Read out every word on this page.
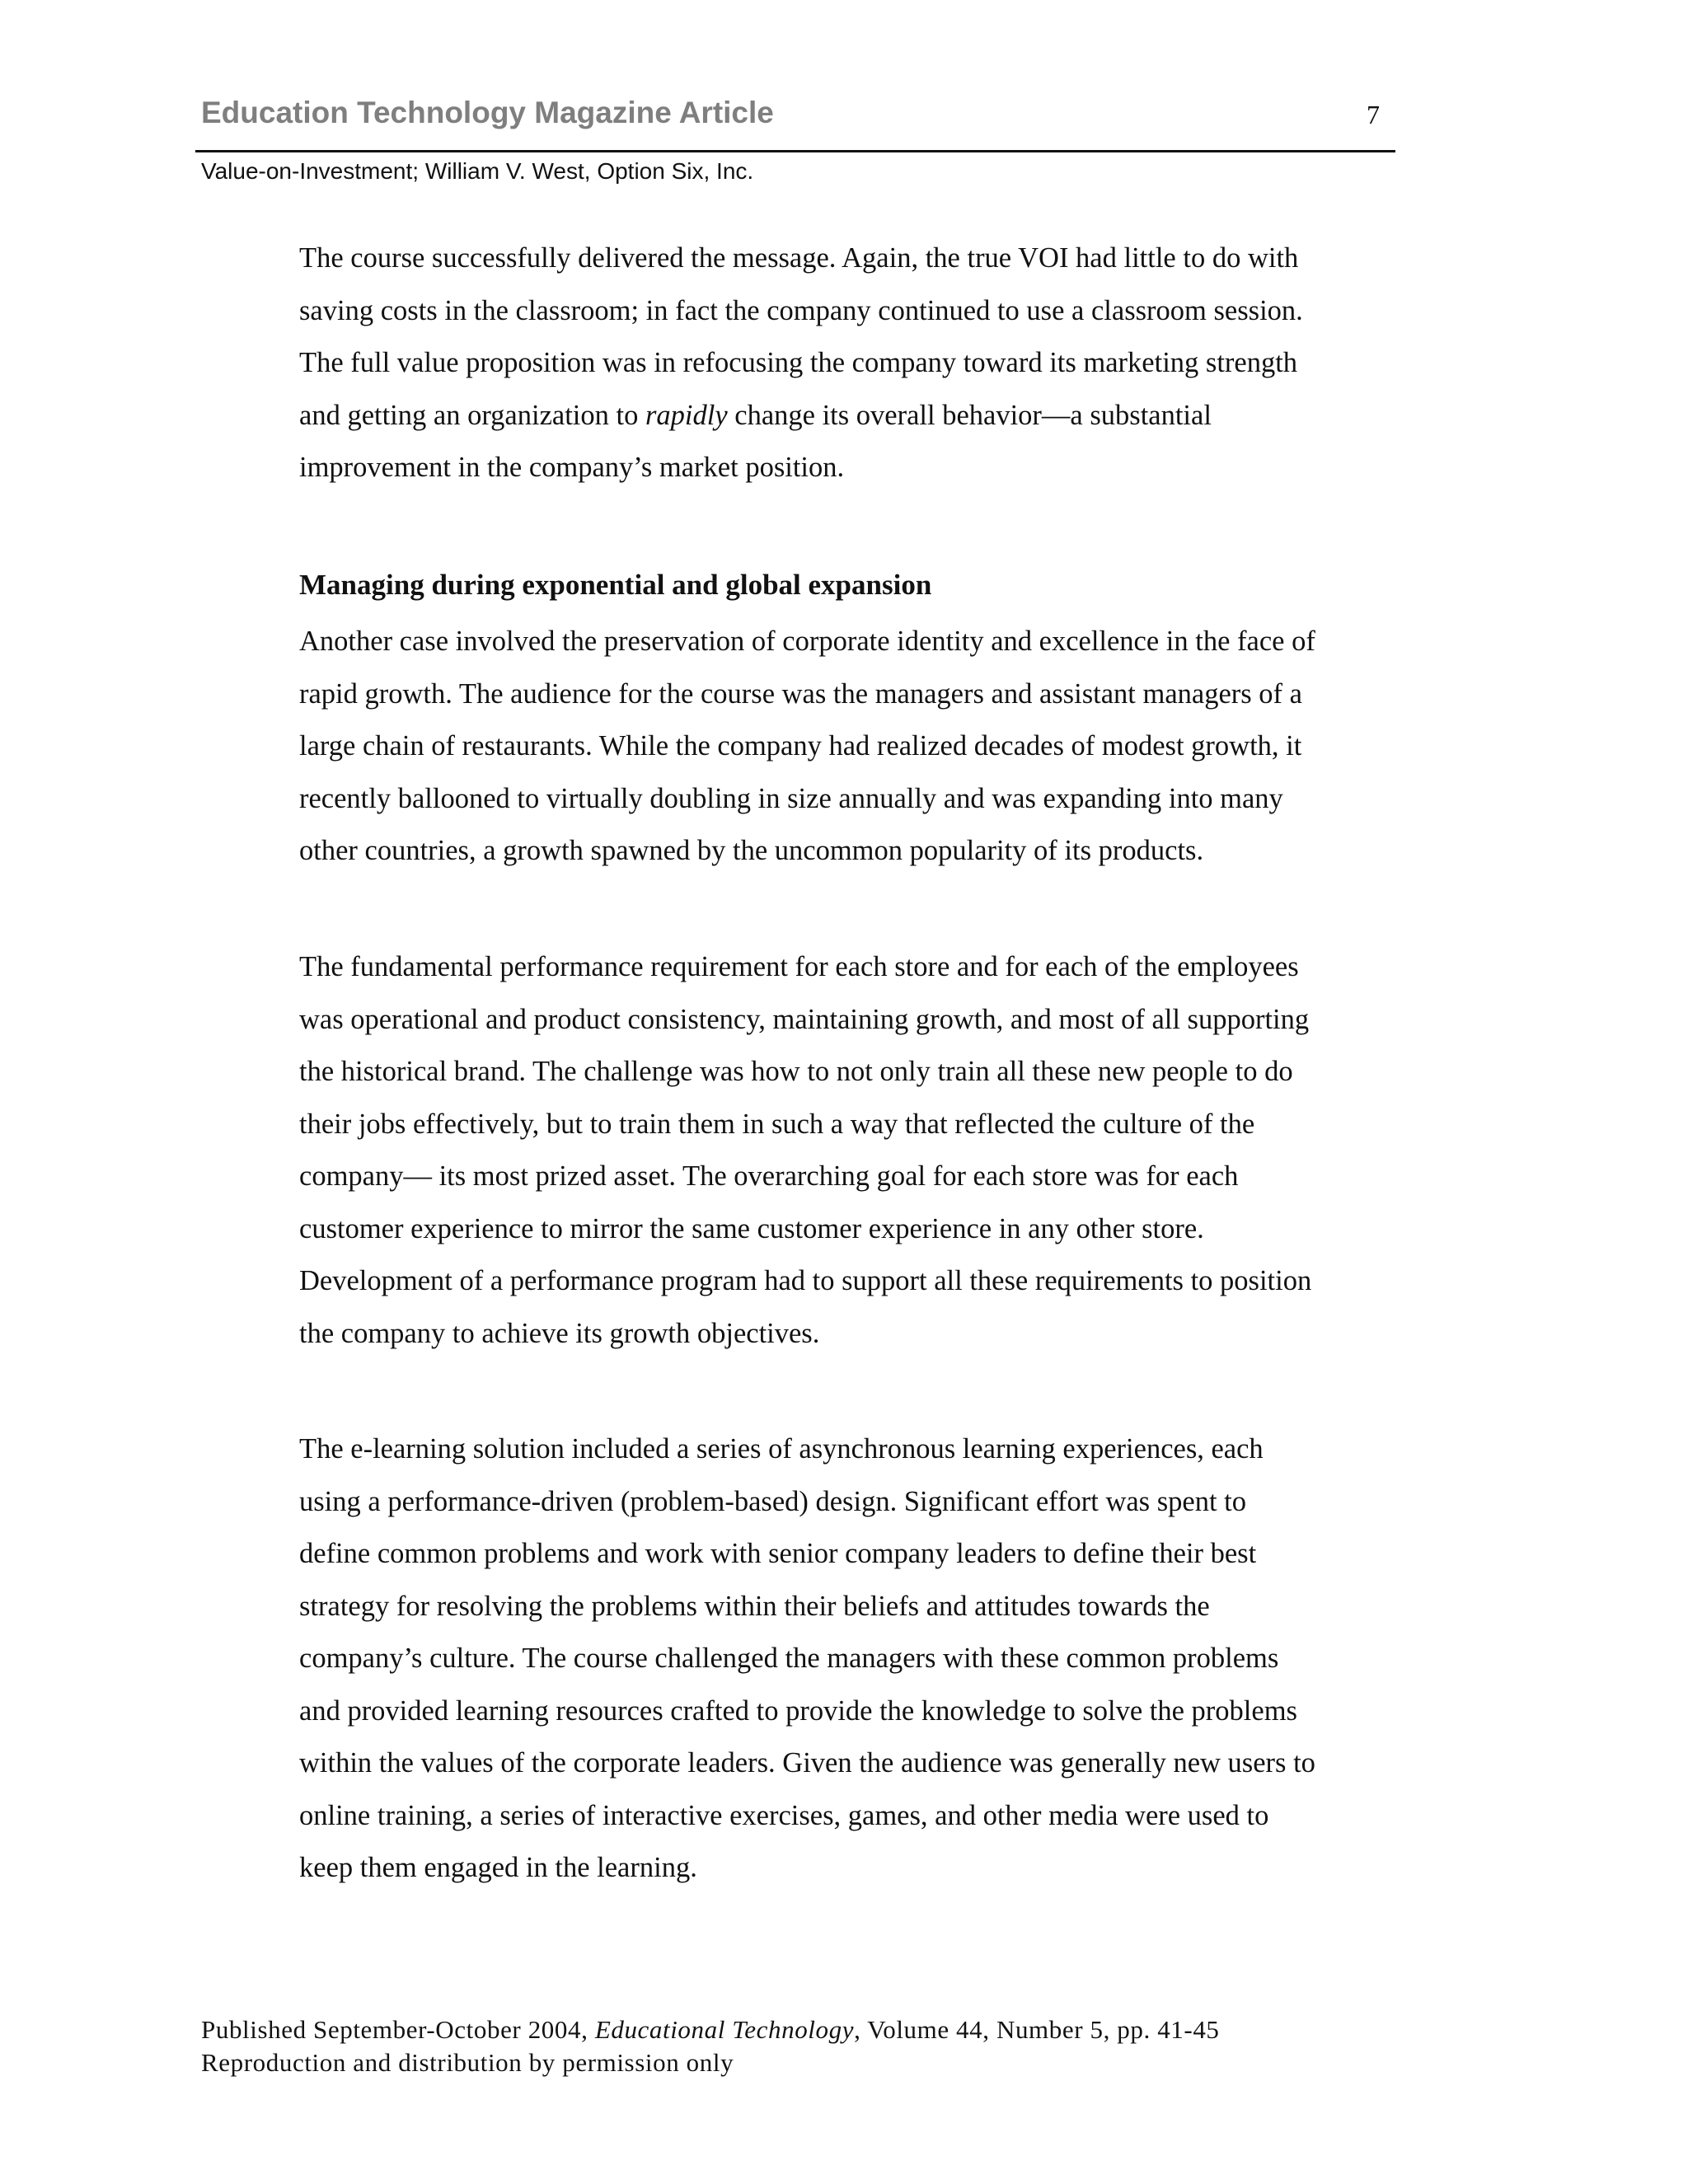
Education Technology Magazine Article	7
Value-on-Investment; William V. West, Option Six, Inc.
The course successfully delivered the message. Again, the true VOI had little to do with
saving costs in the classroom; in fact the company continued to use a classroom session.
The full value proposition was in refocusing the company toward its marketing strength
and getting an organization to rapidly change its overall behavior—a substantial
improvement in the company’s market position.
Managing during exponential and global expansion
Another case involved the preservation of corporate identity and excellence in the face of
rapid growth. The audience for the course was the managers and assistant managers of a
large chain of restaurants. While the company had realized decades of modest growth, it
recently ballooned to virtually doubling in size annually and was expanding into many
other countries, a growth spawned by the uncommon popularity of its products.
The fundamental performance requirement for each store and for each of the employees
was operational and product consistency, maintaining growth, and most of all supporting
the historical brand. The challenge was how to not only train all these new people to do
their jobs effectively, but to train them in such a way that reflected the culture of the
company— its most prized asset. The overarching goal for each store was for each
customer experience to mirror the same customer experience in any other store.
Development of a performance program had to support all these requirements to position
the company to achieve its growth objectives.
The e-learning solution included a series of asynchronous learning experiences, each
using a performance-driven (problem-based) design. Significant effort was spent to
define common problems and work with senior company leaders to define their best
strategy for resolving the problems within their beliefs and attitudes towards the
company’s culture. The course challenged the managers with these common problems
and provided learning resources crafted to provide the knowledge to solve the problems
within the values of the corporate leaders. Given the audience was generally new users to
online training, a series of interactive exercises, games, and other media were used to
keep them engaged in the learning.
Published September-October 2004, Educational Technology, Volume 44, Number 5, pp. 41-45
Reproduction and distribution by permission only
